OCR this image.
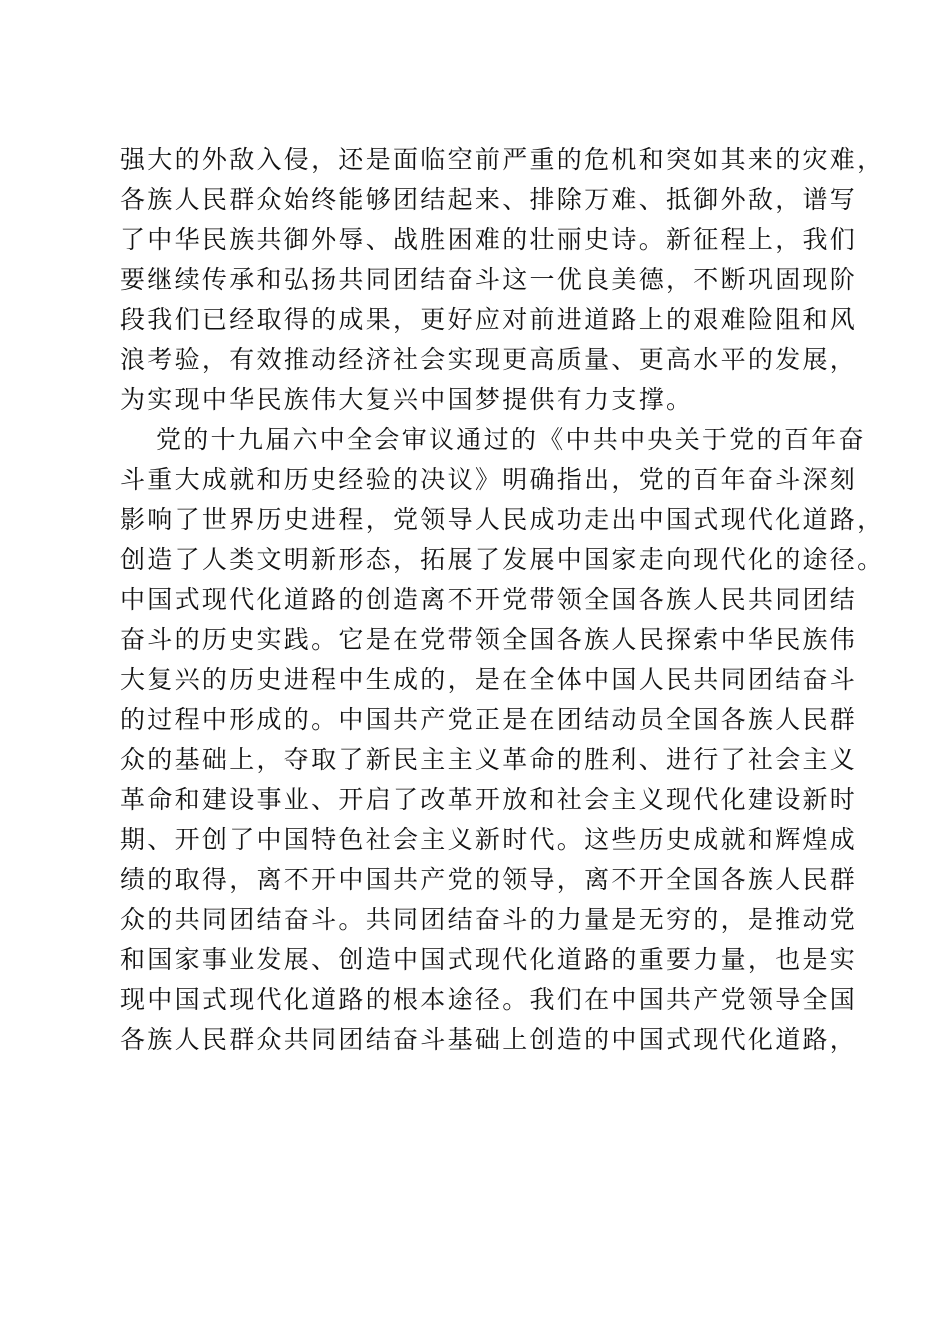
强大的外敌入侵，还是面临空前严重的危机和突如其来的灾难，
各族人民群众始终能够团结起来、排除万难、抵御外敌，谱写
了中华民族共御外辱、战胜困难的壮丽史诗。新征程上，我们
要继续传承和弘扬共同团结奋斗这一优良美德，不断巩固现阶
段我们已经取得的成果，更好应对前进道路上的艰难险阻和风
浪考验，有效推动经济社会实现更高质量、更高水平的发展，
为实现中华民族伟大复兴中国梦提供有力支撑。
党的十九届六中全会审议通过的《中共中央关于党的百年奋
斗重大成就和历史经验的决议》明确指出，党的百年奋斗深刻
影响了世界历史进程，党领导人民成功走出中国式现代化道路，
创造了人类文明新形态，拓展了发展中国家走向现代化的途径。
中国式现代化道路的创造离不开党带领全国各族人民共同团结
奋斗的历史实践。它是在党带领全国各族人民探索中华民族伟
大复兴的历史进程中生成的，是在全体中国人民共同团结奋斗
的过程中形成的。中国共产党正是在团结动员全国各族人民群
众的基础上，夺取了新民主主义革命的胜利、进行了社会主义
革命和建设事业、开启了改革开放和社会主义现代化建设新时
期、开创了中国特色社会主义新时代。这些历史成就和辉煌成
绩的取得，离不开中国共产党的领导，离不开全国各族人民群
众的共同团结奋斗。共同团结奋斗的力量是无穷的，是推动党
和国家事业发展、创造中国式现代化道路的重要力量，也是实
现中国式现代化道路的根本途径。我们在中国共产党领导全国
各族人民群众共同团结奋斗基础上创造的中国式现代化道路，
